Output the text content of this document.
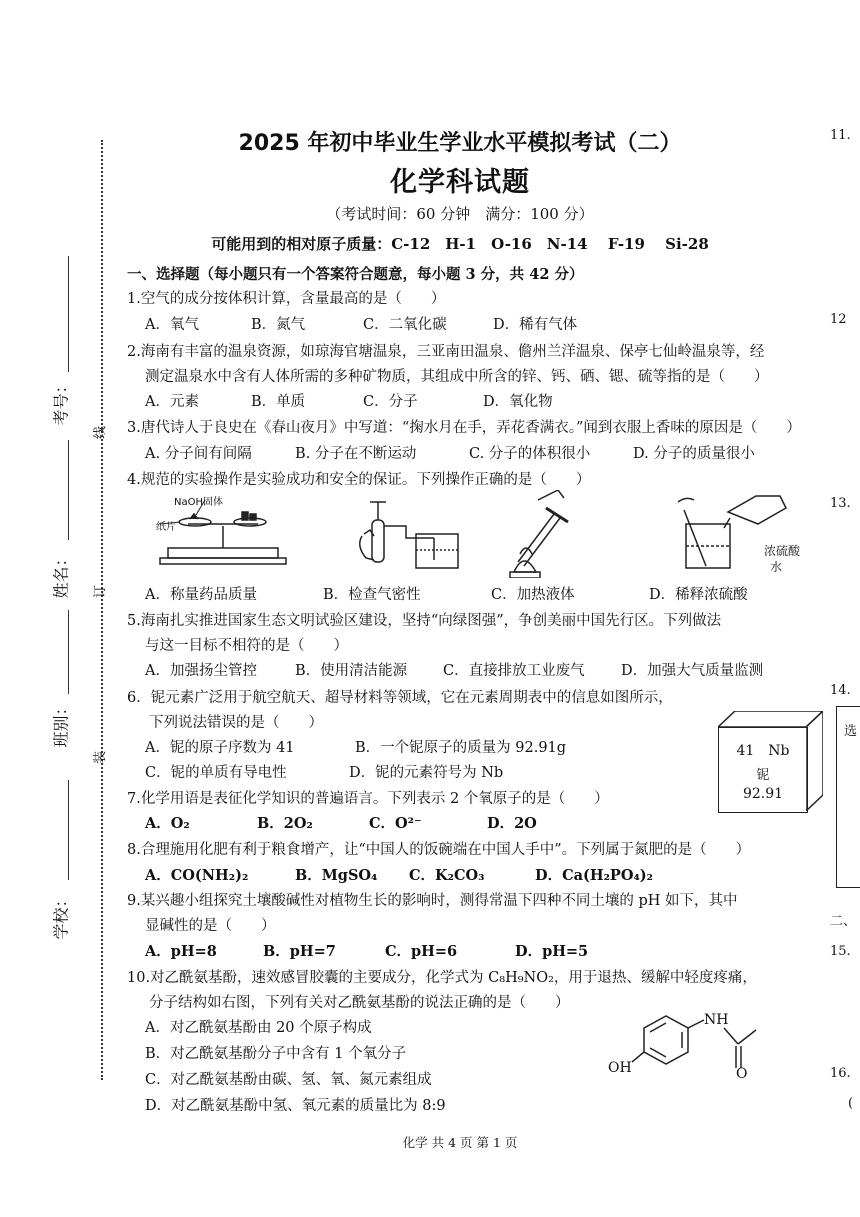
学校：
班别：
姓名：
考号：
线
订
装
11.
12
13.
14.
选
二、
15.
16.
(
2025 年初中毕业生学业水平模拟考试（二）
化学科试题
（考试时间：60 分钟　满分：100 分）
可能用到的相对原子质量：C-12　H-1　O-16　N-14　 F-19　 Si-28
一、选择题（每小题只有一个答案符合题意，每小题 3 分，共 42 分）
1.空气的成分按体积计算，含量最高的是（　　）
A．氧气	B．氮气	C．二氧化碳	D．稀有气体
2.海南有丰富的温泉资源，如琼海官塘温泉，三亚南田温泉、儋州兰洋温泉、保亭七仙岭温泉等，经
测定温泉水中含有人体所需的多种矿物质，其组成中所含的锌、钙、硒、锶、硫等指的是（　　）
A．元素	B．单质	C．分子	D．氧化物
3.唐代诗人于良史在《春山夜月》中写道：“掬水月在手，弄花香满衣。”闻到衣服上香味的原因是（　　）
A. 分子间有间隔	B. 分子在不断运动	C. 分子的体积很小	D. 分子的质量很小
4.规范的实验操作是实验成功和安全的保证。下列操作正确的是（　　）
NaOH固体
纸片
浓硫酸
水
A．称量药品质量	B．检查气密性	C．加热液体	D．稀释浓硫酸
5.海南扎实推进国家生态文明试验区建设，坚持“向绿图强”，争创美丽中国先行区。下列做法
与这一目标不相符的是（　　）
A．加强扬尘管控	B．使用清洁能源 C．直接排放工业废气	D．加强大气质量监测
6．铌元素广泛用于航空航天、超导材料等领域，它在元素周期表中的信息如图所示，
下列说法错误的是（　　）
A．铌的原子序数为 41	B．一个铌原子的质量为 92.91g
C．铌的单质有导电性	D．铌的元素符号为 Nb
41　Nb
铌
92.91
7.化学用语是表征化学知识的普遍语言。下列表示 2 个氧原子的是（　　）
A．O₂	B．2O₂	C．O²⁻	D．2O
8.合理施用化肥有利于粮食增产，让“中国人的饭碗端在中国人手中”。下列属于氮肥的是（　　）
A．CO(NH₂)₂	B．MgSO₄ C．K₂CO₃	D．Ca(H₂PO₄)₂
9.某兴趣小组探究土壤酸碱性对植物生长的影响时，测得常温下四种不同土壤的 pH 如下，其中
显碱性的是（　　）
A．pH=8	B．pH=7	C．pH=6	D．pH=5
10.对乙酰氨基酚，速效感冒胶囊的主要成分，化学式为 C₈H₉NO₂，用于退热、缓解中轻度疼痛，
分子结构如右图，下列有关对乙酰氨基酚的说法正确的是（　　）
A．对乙酰氨基酚由 20 个原子构成
B．对乙酰氨基酚分子中含有 1 个氧分子
C．对乙酰氨基酚由碳、氢、氧、氮元素组成
D．对乙酰氨基酚中氢、氧元素的质量比为 8:9
NH
OH	O
化学 共 4 页 第 1 页
